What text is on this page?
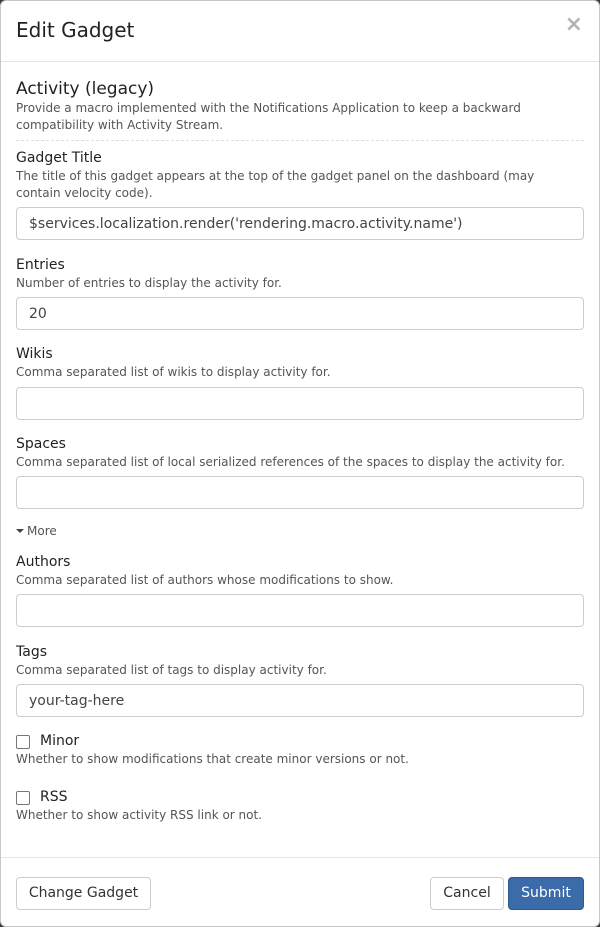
Edit Gadget	×
Activity (legacy)
Provide a macro implemented with the Notifications Application to keep a backward compatibility with Activity Stream.
Gadget Title
The title of this gadget appears at the top of the gadget panel on the dashboard (may contain velocity code).
$services.localization.render('rendering.macro.activity.name')
Entries
Number of entries to display the activity for.
20
Wikis
Comma separated list of wikis to display activity for.
Spaces
Comma separated list of local serialized references of the spaces to display the activity for.
More
Authors
Comma separated list of authors whose modifications to show.
Tags
Comma separated list of tags to display activity for.
your-tag-here
Minor
Whether to show modifications that create minor versions or not.
RSS
Whether to show activity RSS link or not.
Change Gadget	Cancel	Submit
